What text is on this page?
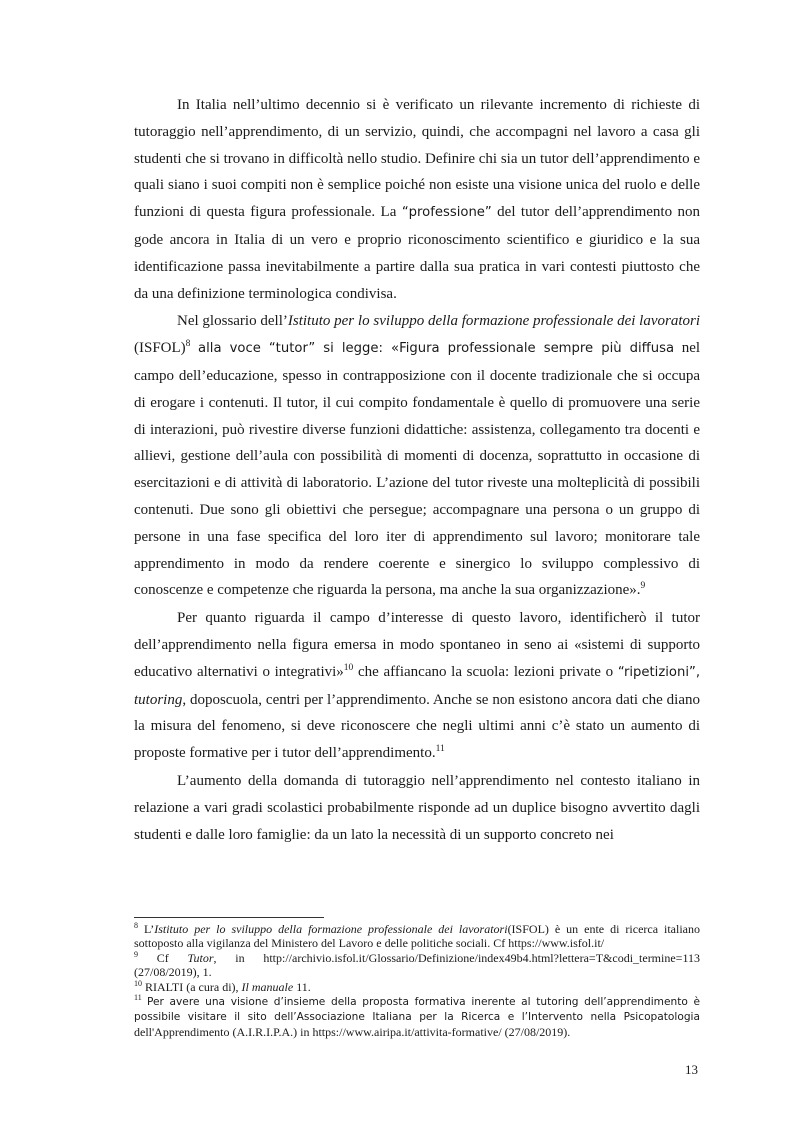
In Italia nell’ultimo decennio si è verificato un rilevante incremento di richieste di tutoraggio nell’apprendimento, di un servizio, quindi, che accompagni nel lavoro a casa gli studenti che si trovano in difficoltà nello studio. Definire chi sia un tutor dell’apprendimento e quali siano i suoi compiti non è semplice poiché non esiste una visione unica del ruolo e delle funzioni di questa figura professionale. La “professione” del tutor dell’apprendimento non gode ancora in Italia di un vero e proprio riconoscimento scientifico e giuridico e la sua identificazione passa inevitabilmente a partire dalla sua pratica in vari contesti piuttosto che da una definizione terminologica condivisa.

Nel glossario dell’Istituto per lo sviluppo della formazione professionale dei lavoratori (ISFOL)$^8$ alla voce “tutor” si legge: «Figura professionale sempre più diffusa nel campo dell’educazione, spesso in contrapposizione con il docente tradizionale che si occupa di erogare i contenuti. Il tutor, il cui compito fondamentale è quello di promuovere una serie di interazioni, può rivestire diverse funzioni didattiche: assistenza, collegamento tra docenti e allievi, gestione dell’aula con possibilità di momenti di docenza, soprattutto in occasione di esercitazioni e di attività di laboratorio. L’azione del tutor riveste una molteplicità di possibili contenuti. Due sono gli obiettivi che persegue; accompagnare una persona o un gruppo di persone in una fase specifica del loro iter di apprendimento sul lavoro; monitorare tale apprendimento in modo da rendere coerente e sinergico lo sviluppo complessivo di conoscenze e competenze che riguarda la persona, ma anche la sua organizzazione».$^9$

Per quanto riguarda il campo d’interesse di questo lavoro, identificherò il tutor dell’apprendimento nella figura emersa in modo spontaneo in seno ai «sistemi di supporto educativo alternativi o integrativi»$^{10}$ che affiancano la scuola: lezioni private o “ripetizioni”, tutoring, doposcuola, centri per l’apprendimento. Anche se non esistono ancora dati che diano la misura del fenomeno, si deve riconoscere che negli ultimi anni c’è stato un aumento di proposte formative per i tutor dell’apprendimento.$^{11}$

L’aumento della domanda di tutoraggio nell’apprendimento nel contesto italiano in relazione a vari gradi scolastici probabilmente risponde ad un duplice bisogno avvertito dagli studenti e dalle loro famiglie: da un lato la necessità di un supporto concreto nei

$^8$ L’Istituto per lo sviluppo della formazione professionale dei lavoratori(ISFOL) è un ente di ricerca italiano sottoposto alla vigilanza del Ministero del Lavoro e delle politiche sociali. Cf https://www.isfol.it/

$^9$ Cf Tutor, in http://archivio.isfol.it/Glossario/Definizione/index49b4.html?lettera=T&codi_termine=113 (27/08/2019), 1.

$^{10}$ RIALTI (a cura di), Il manuale 11.

$^{11}$ Per avere una visione d’insieme della proposta formativa inerente al tutoring dell’apprendimento è possibile visitare il sito dell’Associazione Italiana per la Ricerca e l’Intervento nella Psicopatologia dell'Apprendimento (A.I.R.I.P.A.) in https://www.airipa.it/attivita-formative/ (27/08/2019).

13
